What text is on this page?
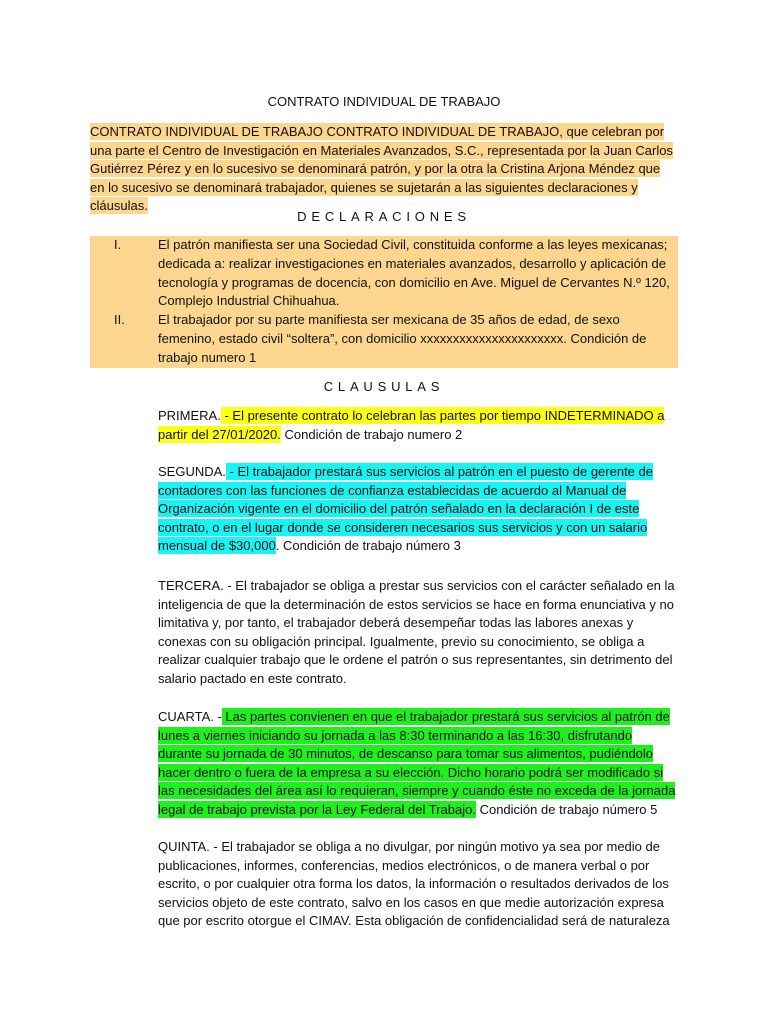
CONTRATO INDIVIDUAL DE TRABAJO

CONTRATO INDIVIDUAL DE TRABAJO CONTRATO INDIVIDUAL DE TRABAJO, que celebran por una parte el Centro de Investigación en Materiales Avanzados, S.C., representada por la Juan Carlos Gutiérrez Pérez y en lo sucesivo se denominará patrón, y por la otra la Cristina Arjona Méndez que en lo sucesivo se denominará trabajador, quienes se sujetarán a las siguientes declaraciones y cláusulas.

DECLARACIONES

I.	El patrón manifiesta ser una Sociedad Civil, constituida conforme a las leyes mexicanas; dedicada a: realizar investigaciones en materiales avanzados, desarrollo y aplicación de tecnología y programas de docencia, con domicilio en Ave. Miguel de Cervantes N.º 120, Complejo Industrial Chihuahua.
II.	El trabajador por su parte manifiesta ser mexicana de 35 años de edad, de sexo femenino, estado civil “soltera”, con domicilio xxxxxxxxxxxxxxxxxxxxxx. Condición de trabajo numero 1

CLAUSULAS

PRIMERA. - El presente contrato lo celebran las partes por tiempo INDETERMINADO a partir del 27/01/2020. Condición de trabajo numero 2

SEGUNDA. - El trabajador prestará sus servicios al patrón en el puesto de gerente de contadores con las funciones de confianza establecidas de acuerdo al Manual de Organización vigente en el domicilio del patrón señalado en la declaración I de este contrato, o en el lugar donde se consideren necesarios sus servicios y con un salario mensual de $30,000. Condición de trabajo número 3

TERCERA. - El trabajador se obliga a prestar sus servicios con el carácter señalado en la inteligencia de que la determinación de estos servicios se hace en forma enunciativa y no limitativa y, por tanto, el trabajador deberá desempeñar todas las labores anexas y conexas con su obligación principal. Igualmente, previo su conocimiento, se obliga a realizar cualquier trabajo que le ordene el patrón o sus representantes, sin detrimento del salario pactado en este contrato.

CUARTA. - Las partes convienen en que el trabajador prestará sus servicios al patrón de lunes a viernes iniciando su jornada a las 8:30 terminando a las 16:30, disfrutando durante su jornada de 30 minutos, de descanso para tomar sus alimentos, pudiéndolo hacer dentro o fuera de la empresa a su elección. Dicho horario podrá ser modificado si las necesidades del área así lo requieran, siempre y cuando éste no exceda de la jornada legal de trabajo prevista por la Ley Federal del Trabajo. Condición de trabajo número 5

QUINTA. - El trabajador se obliga a no divulgar, por ningún motivo ya sea por medio de publicaciones, informes, conferencias, medios electrónicos, o de manera verbal o por escrito, o por cualquier otra forma los datos, la información o resultados derivados de los servicios objeto de este contrato, salvo en los casos en que medie autorización expresa que por escrito otorgue el CIMAV. Esta obligación de confidencialidad será de naturaleza
